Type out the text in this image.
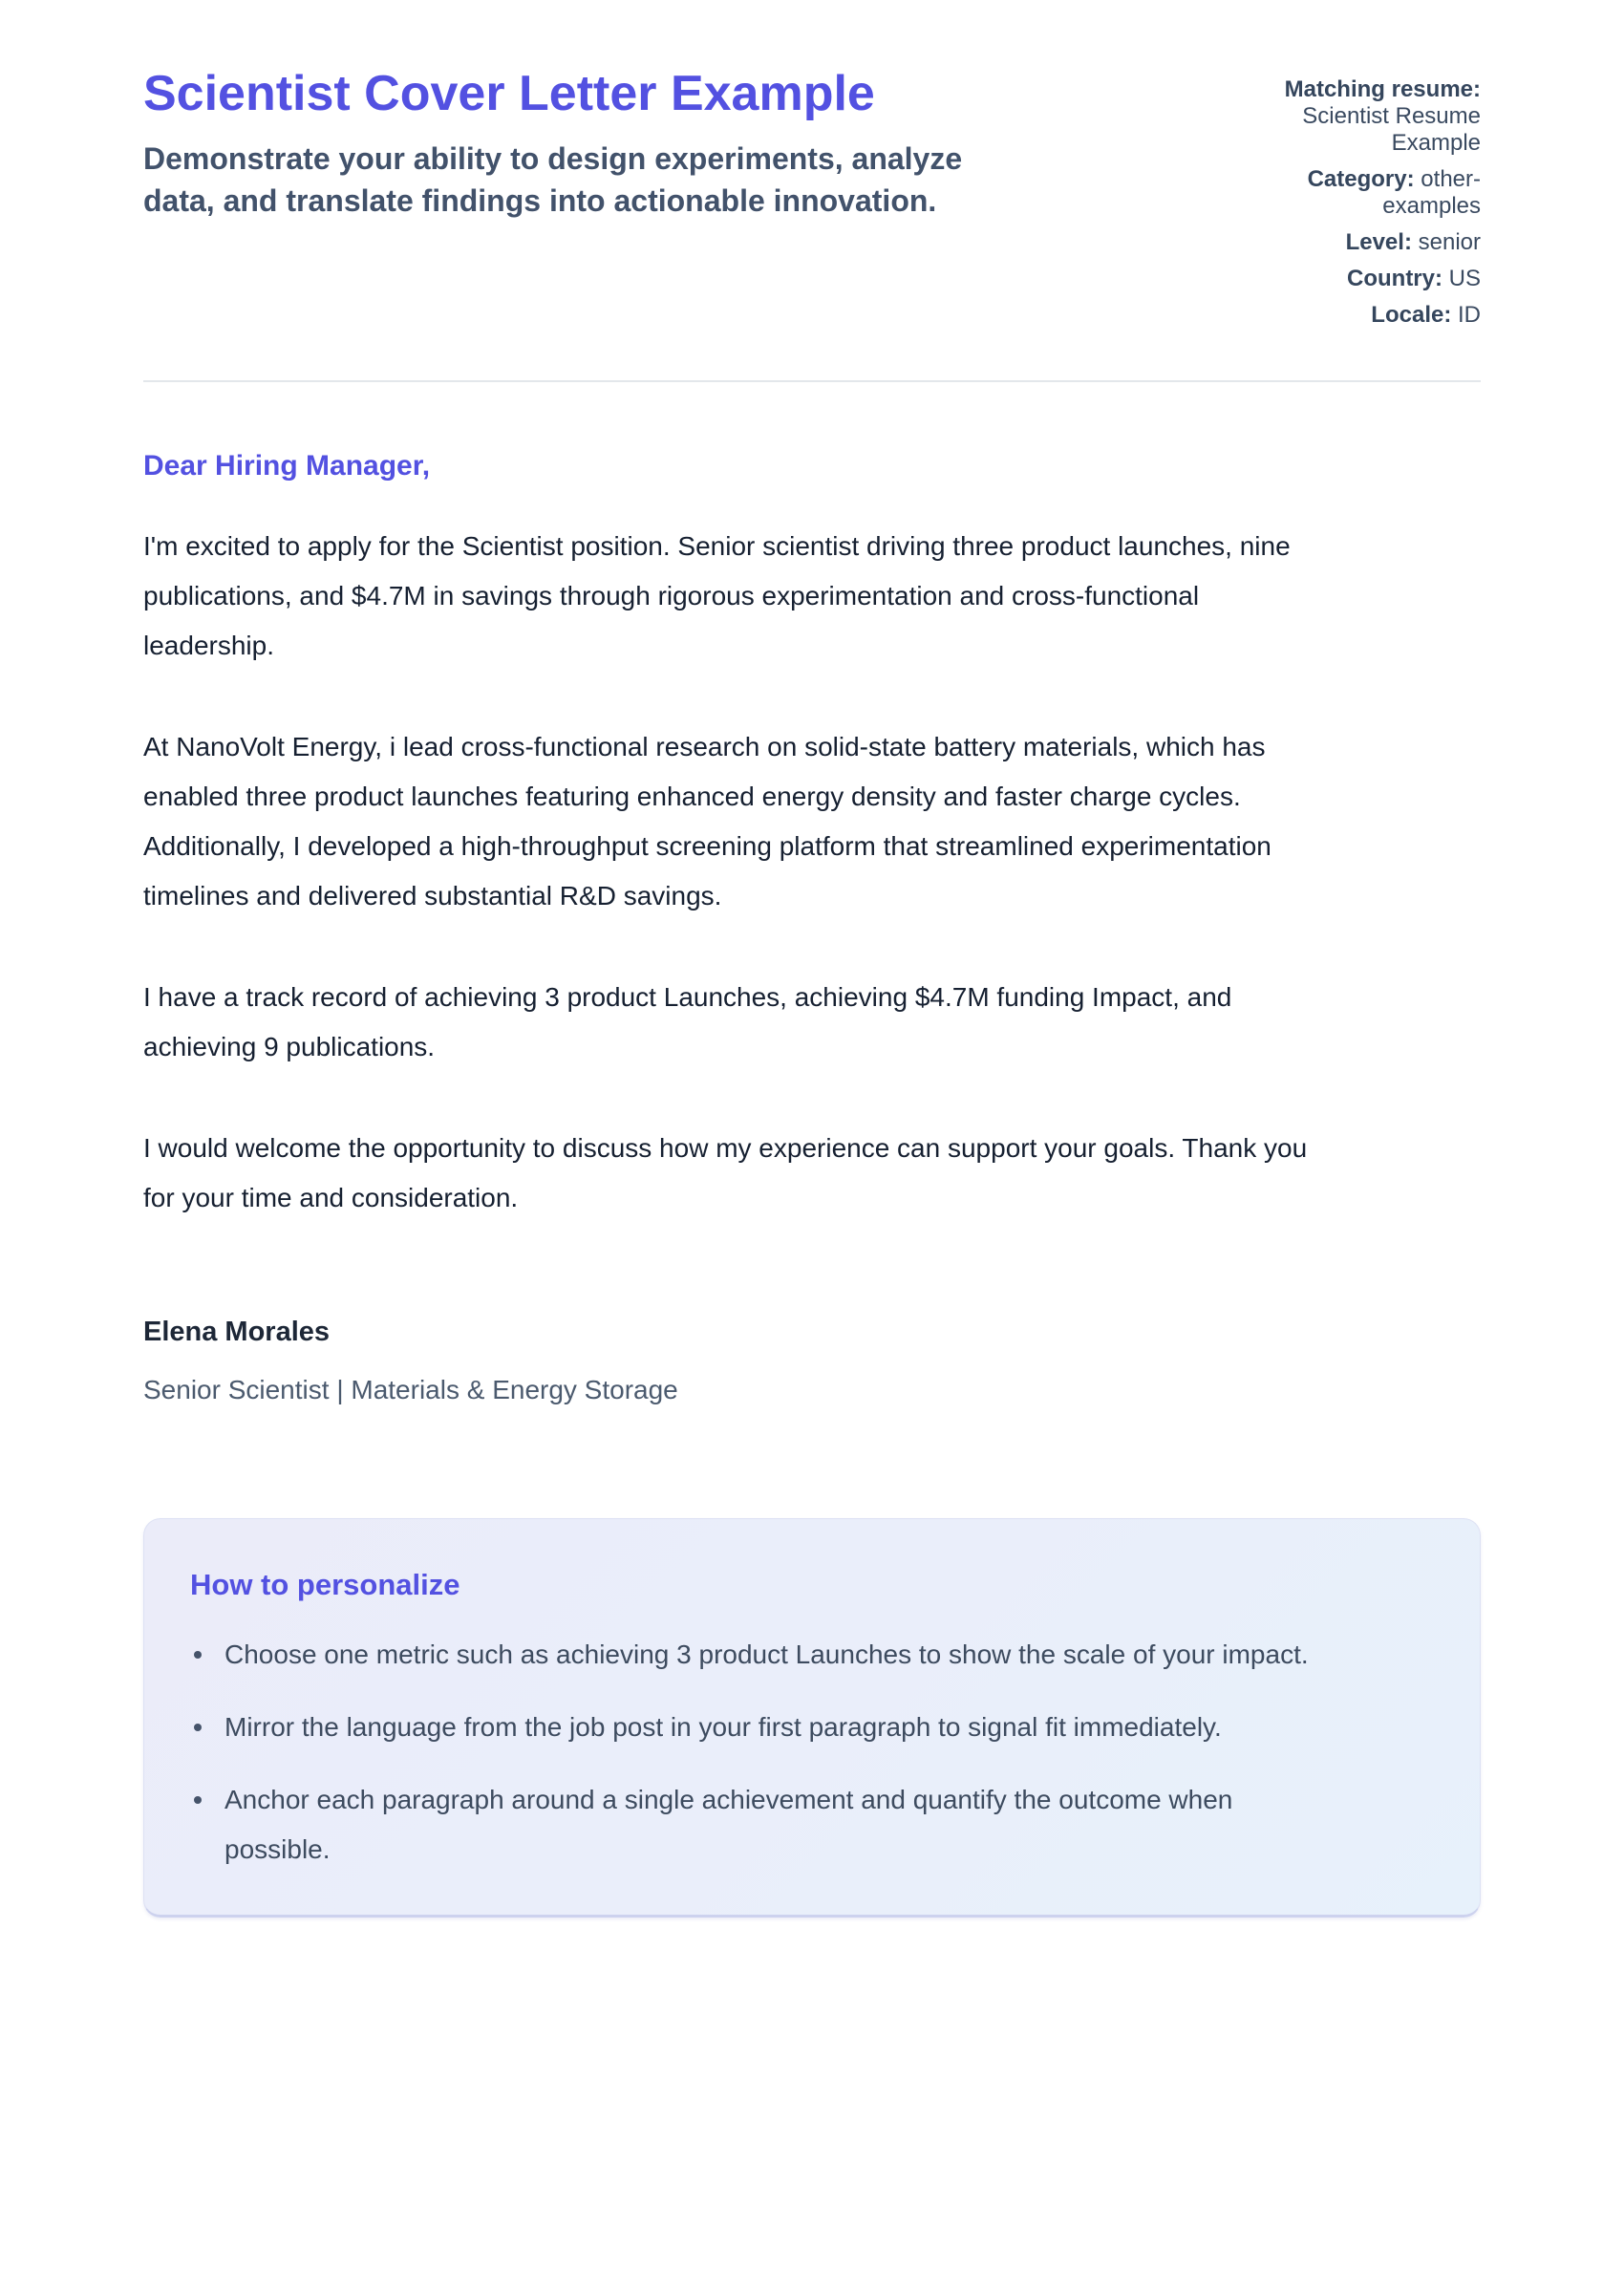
Scientist Cover Letter Example

Demonstrate your ability to design experiments, analyze data, and translate findings into actionable innovation.

Matching resume: Scientist Resume Example
Category: other-examples
Level: senior
Country: US
Locale: ID

Dear Hiring Manager,

I'm excited to apply for the Scientist position. Senior scientist driving three product launches, nine publications, and $4.7M in savings through rigorous experimentation and cross-functional leadership.

At NanoVolt Energy, i lead cross-functional research on solid-state battery materials, which has enabled three product launches featuring enhanced energy density and faster charge cycles. Additionally, I developed a high-throughput screening platform that streamlined experimentation timelines and delivered substantial R&D savings.

I have a track record of achieving 3 product Launches, achieving $4.7M funding Impact, and achieving 9 publications.

I would welcome the opportunity to discuss how my experience can support your goals. Thank you for your time and consideration.

Elena Morales

Senior Scientist | Materials & Energy Storage

How to personalize
Choose one metric such as achieving 3 product Launches to show the scale of your impact.
Mirror the language from the job post in your first paragraph to signal fit immediately.
Anchor each paragraph around a single achievement and quantify the outcome when possible.
